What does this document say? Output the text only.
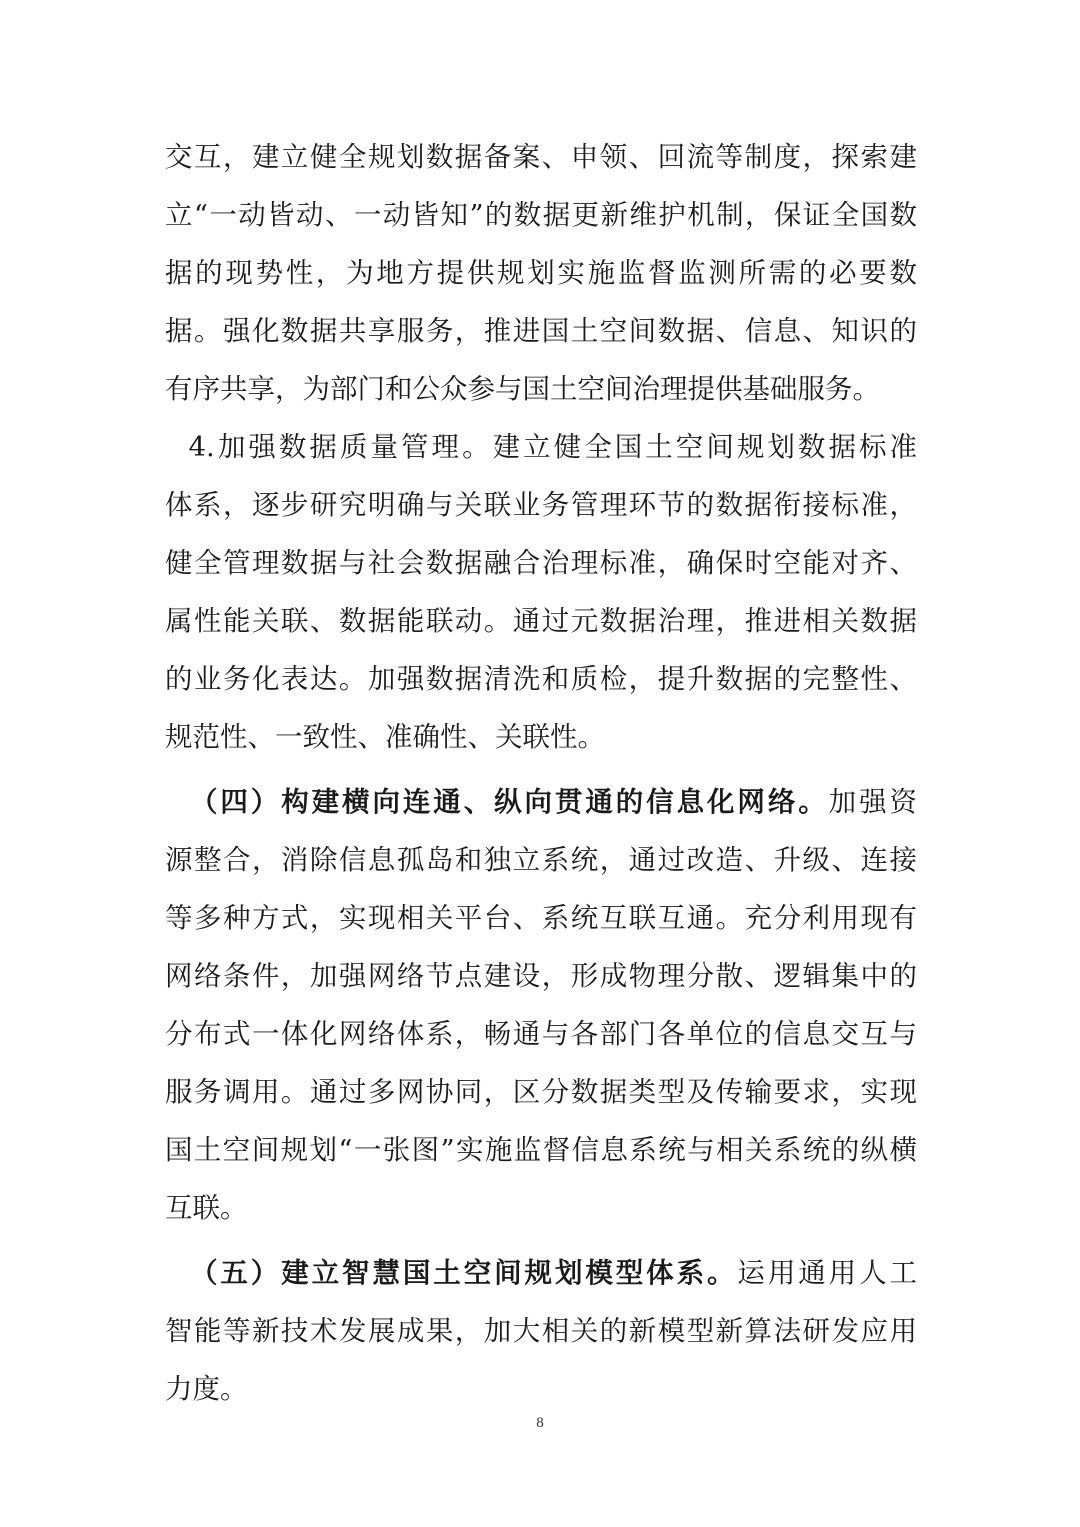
交互，建立健全规划数据备案、申领、回流等制度，探索建
立“一动皆动、一动皆知”的数据更新维护机制，保证全国数
据的现势性，为地方提供规划实施监督监测所需的必要数
据。强化数据共享服务，推进国土空间数据、信息、知识的
有序共享，为部门和公众参与国土空间治理提供基础服务。
4.加强数据质量管理。建立健全国土空间规划数据标准
体系，逐步研究明确与关联业务管理环节的数据衔接标准，
健全管理数据与社会数据融合治理标准，确保时空能对齐、
属性能关联、数据能联动。通过元数据治理，推进相关数据
的业务化表达。加强数据清洗和质检，提升数据的完整性、
规范性、一致性、准确性、关联性。
（四）构建横向连通、纵向贯通的信息化网络。加强资
源整合，消除信息孤岛和独立系统，通过改造、升级、连接
等多种方式，实现相关平台、系统互联互通。充分利用现有
网络条件，加强网络节点建设，形成物理分散、逻辑集中的
分布式一体化网络体系，畅通与各部门各单位的信息交互与
服务调用。通过多网协同，区分数据类型及传输要求，实现
国土空间规划“一张图”实施监督信息系统与相关系统的纵横
互联。
（五）建立智慧国土空间规划模型体系。运用通用人工
智能等新技术发展成果，加大相关的新模型新算法研发应用
力度。
8
